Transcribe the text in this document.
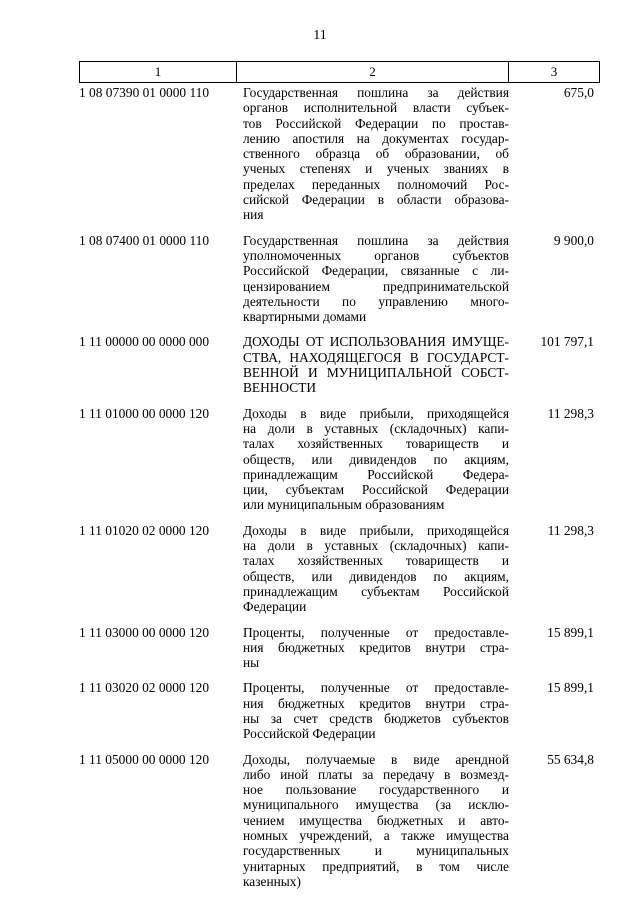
11
1	2	3
1 08 07390 01 0000 110	Государственная пошлина за действия
органов исполнительной власти субъек-
тов Российской Федерации по простав-
лению апостиля на документах государ-
ственного образца об образовании, об
ученых степенях и ученых званиях в
пределах переданных полномочий Рос-
сийской Федерации в области образова-
ния
675,0
1 08 07400 01 0000 110	Государственная пошлина за действия
уполномоченных органов субъектов
Российской Федерации, связанные с ли-
цензированием предпринимательской
деятельности по управлению много-
квартирными домами
9 900,0
1 11 00000 00 0000 000	ДОХОДЫ ОТ ИСПОЛЬЗОВАНИЯ ИМУЩЕ-
СТВА, НАХОДЯЩЕГОСЯ В ГОСУДАРСТ-
ВЕННОЙ И МУНИЦИПАЛЬНОЙ СОБСТ-
ВЕННОСТИ
101 797,1
1 11 01000 00 0000 120	Доходы в виде прибыли, приходящейся
на доли в уставных (складочных) капи-
талах хозяйственных товариществ и
обществ, или дивидендов по акциям,
принадлежащим Российской Федера-
ции, субъектам Российской Федерации
или муниципальным образованиям
11 298,3
1 11 01020 02 0000 120	Доходы в виде прибыли, приходящейся
на доли в уставных (складочных) капи-
талах хозяйственных товариществ и
обществ, или дивидендов по акциям,
принадлежащим субъектам Российской
Федерации
11 298,3
1 11 03000 00 0000 120	Проценты, полученные от предоставле-
ния бюджетных кредитов внутри стра-
ны
15 899,1
1 11 03020 02 0000 120	Проценты, полученные от предоставле-
ния бюджетных кредитов внутри стра-
ны за счет средств бюджетов субъектов
Российской Федерации
15 899,1
1 11 05000 00 0000 120	Доходы, получаемые в виде арендной
либо иной платы за передачу в возмезд-
ное пользование государственного и
муниципального имущества (за исклю-
чением имущества бюджетных и авто-
номных учреждений, а также имущества
государственных и муниципальных
унитарных предприятий, в том числе
казенных)
55 634,8
